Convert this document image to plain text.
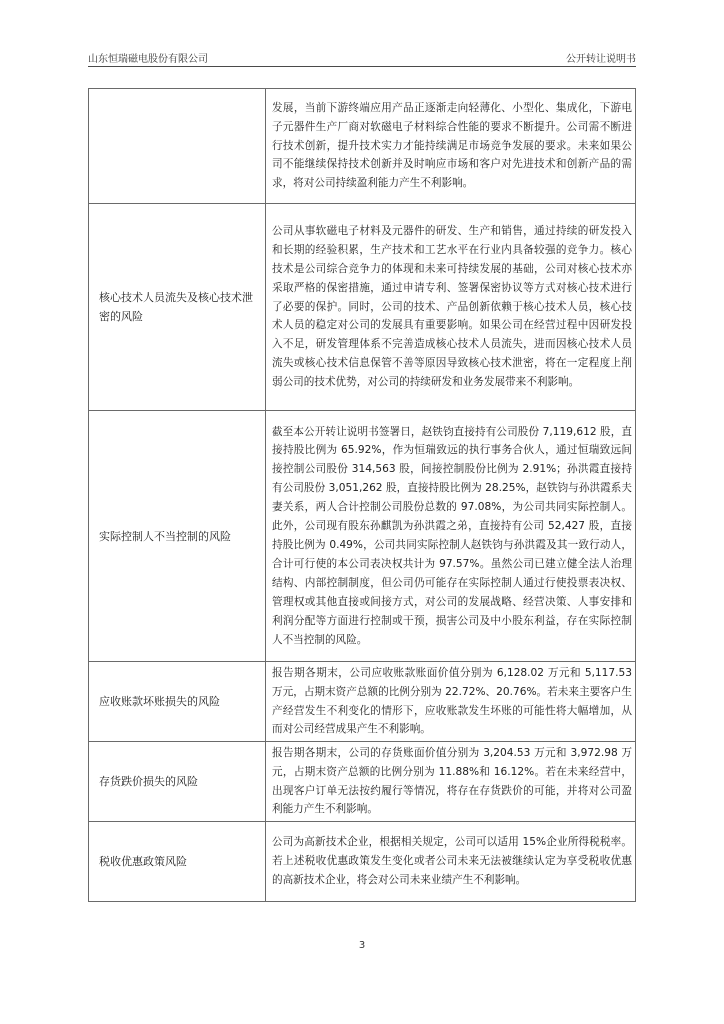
山东恒瑞磁电股份有限公司	公开转让说明书
	发展，当前下游终端应用产品正逐渐走向轻薄化、小型化、集成化，下游电子元器件生产厂商对软磁电子材料综合性能的要求不断提升。公司需不断进行技术创新，提升技术实力才能持续满足市场竞争发展的要求。未来如果公司不能继续保持技术创新并及时响应市场和客户对先进技术和创新产品的需求，将对公司持续盈利能力产生不利影响。
核心技术人员流失及核心技术泄密的风险	公司从事软磁电子材料及元器件的研发、生产和销售，通过持续的研发投入和长期的经验积累，生产技术和工艺水平在行业内具备较强的竞争力。核心技术是公司综合竞争力的体现和未来可持续发展的基础，公司对核心技术亦采取严格的保密措施，通过申请专利、签署保密协议等方式对核心技术进行了必要的保护。同时，公司的技术、产品创新依赖于核心技术人员，核心技术人员的稳定对公司的发展具有重要影响。如果公司在经营过程中因研发投入不足，研发管理体系不完善造成核心技术人员流失，进而因核心技术人员流失或核心技术信息保管不善等原因导致核心技术泄密，将在一定程度上削弱公司的技术优势，对公司的持续研发和业务发展带来不利影响。
实际控制人不当控制的风险	截至本公开转让说明书签署日，赵铁钧直接持有公司股份 7,119,612 股，直接持股比例为 65.92%，作为恒瑞致远的执行事务合伙人，通过恒瑞致远间接控制公司股份 314,563 股，间接控制股份比例为 2.91%；孙洪霞直接持有公司股份 3,051,262 股，直接持股比例为 28.25%，赵铁钧与孙洪霞系夫妻关系，两人合计控制公司股份总数的 97.08%，为公司共同实际控制人。此外，公司现有股东孙麒凯为孙洪霞之弟，直接持有公司 52,427 股，直接持股比例为 0.49%，公司共同实际控制人赵铁钧与孙洪霞及其一致行动人，合计可行使的本公司表决权共计为 97.57%。虽然公司已建立健全法人治理结构、内部控制制度，但公司仍可能存在实际控制人通过行使投票表决权、管理权或其他直接或间接方式，对公司的发展战略、经营决策、人事安排和利润分配等方面进行控制或干预，损害公司及中小股东利益，存在实际控制人不当控制的风险。
应收账款坏账损失的风险	报告期各期末，公司应收账款账面价值分别为 6,128.02 万元和 5,117.53 万元，占期末资产总额的比例分别为 22.72%、20.76%。若未来主要客户生产经营发生不利变化的情形下，应收账款发生坏账的可能性将大幅增加，从而对公司经营成果产生不利影响。
存货跌价损失的风险	报告期各期末，公司的存货账面价值分别为 3,204.53 万元和 3,972.98 万元，占期末资产总额的比例分别为 11.88%和 16.12%。若在未来经营中，出现客户订单无法按约履行等情况，将存在存货跌价的可能，并将对公司盈利能力产生不利影响。
税收优惠政策风险	公司为高新技术企业，根据相关规定，公司可以适用 15%企业所得税税率。若上述税收优惠政策发生变化或者公司未来无法被继续认定为享受税收优惠的高新技术企业，将会对公司未来业绩产生不利影响。
3
